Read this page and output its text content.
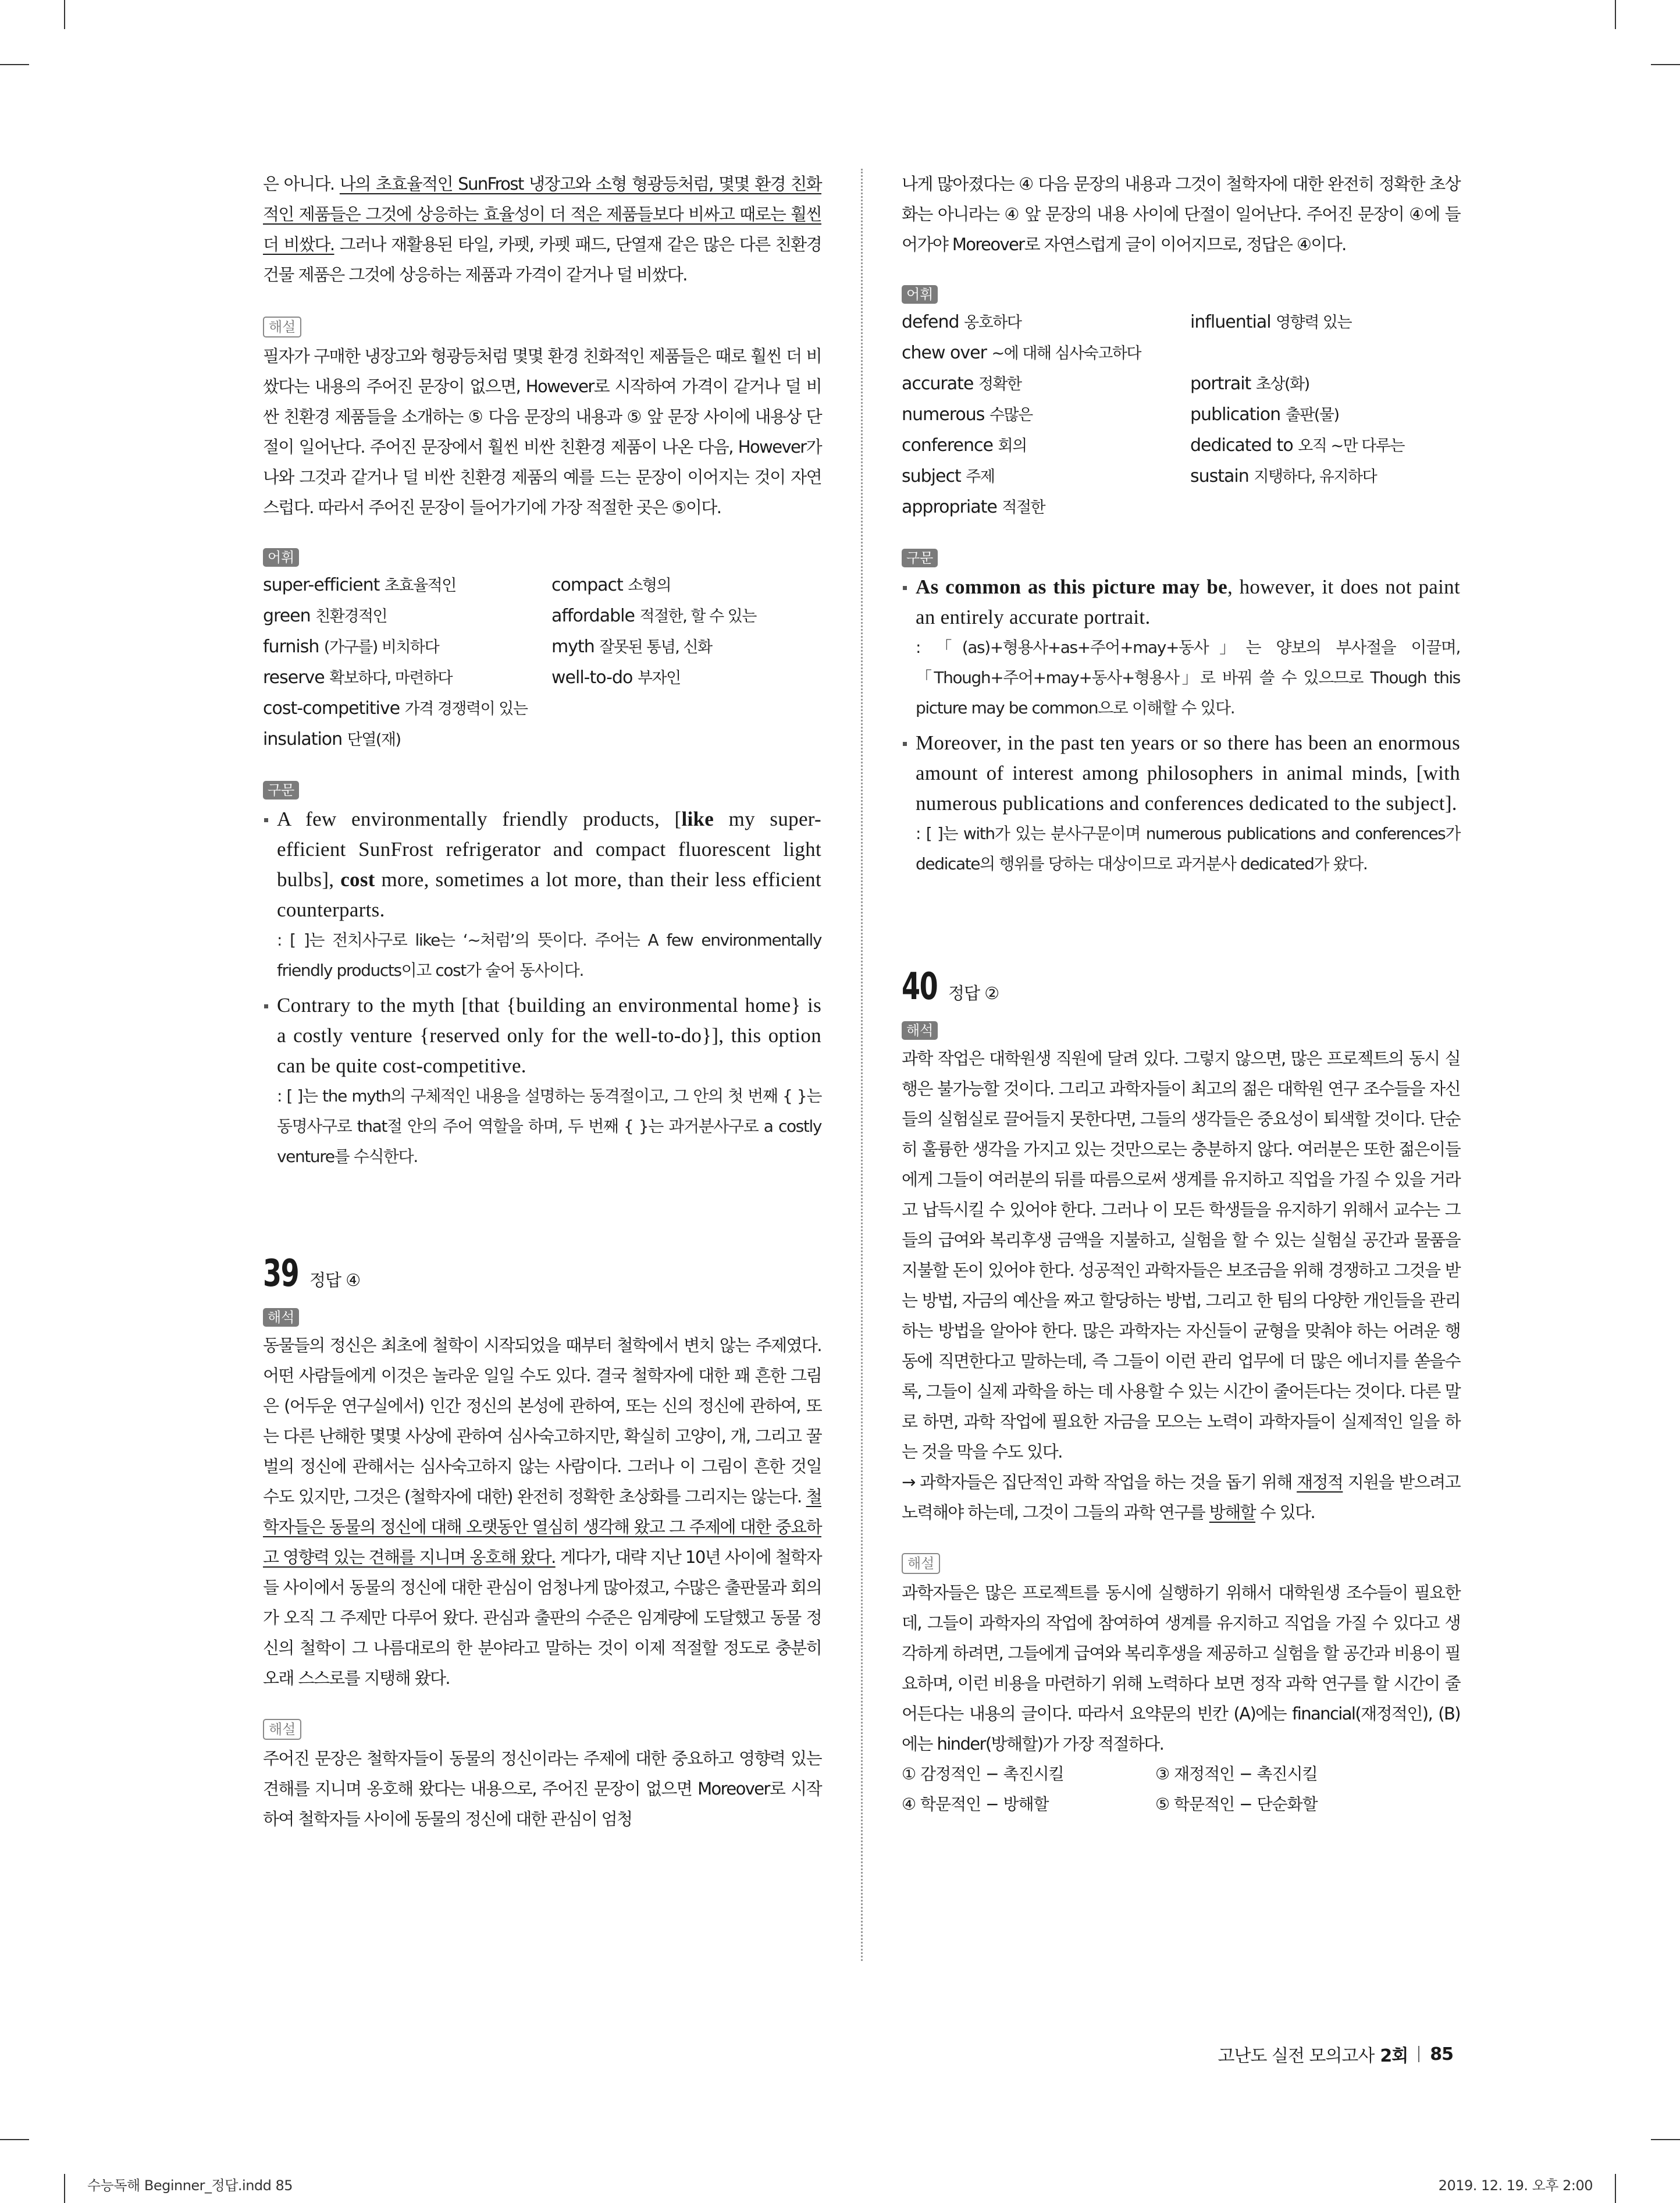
은 아니다. 나의 초효율적인 SunFrost 냉장고와 소형 형광등처럼, 몇몇 환경 친화적인 제품들은 그것에 상응하는 효율성이 더 적은 제품들보다 비싸고 때로는 훨씬 더 비쌌다. 그러나 재활용된 타일, 카펫, 카펫 패드, 단열재 같은 많은 다른 친환경 건물 제품은 그것에 상응하는 제품과 가격이 같거나 덜 비쌌다.

해설

필자가 구매한 냉장고와 형광등처럼 몇몇 환경 친화적인 제품들은 때로 훨씬 더 비쌌다는 내용의 주어진 문장이 없으면, However로 시작하여 가격이 같거나 덜 비싼 친환경 제품들을 소개하는 ⑤ 다음 문장의 내용과 ⑤ 앞 문장 사이에 내용상 단절이 일어난다. 주어진 문장에서 훨씬 비싼 친환경 제품이 나온 다음, However가 나와 그것과 같거나 덜 비싼 친환경 제품의 예를 드는 문장이 이어지는 것이 자연스럽다. 따라서 주어진 문장이 들어가기에 가장 적절한 곳은 ⑤이다.

어휘
super-efficient 초효율적인	compact 소형의
green 친환경적인	affordable 적절한, 할 수 있는
furnish (가구를) 비치하다	myth 잘못된 통념, 신화
reserve 확보하다, 마련하다	well-to-do 부자인
cost-competitive 가격 경쟁력이 있는
insulation 단열(재)
구문

A few environmentally friendly products, [like my super-efficient SunFrost refrigerator and compact fluorescent light bulbs], cost more, sometimes a lot more, than their less efficient counterparts.

: [ ]는 전치사구로 like는 ‘~처럼’의 뜻이다. 주어는 A few environmentally friendly products이고 cost가 술어 동사이다.

Contrary to the myth [that {building an environmental home} is a costly venture {reserved only for the well-to-do}], this option can be quite cost-competitive.

: [ ]는 the myth의 구체적인 내용을 설명하는 동격절이고, 그 안의 첫 번째 { }는 동명사구로 that절 안의 주어 역할을 하며, 두 번째 { }는 과거분사구로 a costly venture를 수식한다.

39 정답 ④
해석

동물들의 정신은 최초에 철학이 시작되었을 때부터 철학에서 변치 않는 주제였다. 어떤 사람들에게 이것은 놀라운 일일 수도 있다. 결국 철학자에 대한 꽤 흔한 그림은 (어두운 연구실에서) 인간 정신의 본성에 관하여, 또는 신의 정신에 관하여, 또는 다른 난해한 몇몇 사상에 관하여 심사숙고하지만, 확실히 고양이, 개, 그리고 꿀벌의 정신에 관해서는 심사숙고하지 않는 사람이다. 그러나 이 그림이 흔한 것일 수도 있지만, 그것은 (철학자에 대한) 완전히 정확한 초상화를 그리지는 않는다. 철학자들은 동물의 정신에 대해 오랫동안 열심히 생각해 왔고 그 주제에 대한 중요하고 영향력 있는 견해를 지니며 옹호해 왔다. 게다가, 대략 지난 10년 사이에 철학자들 사이에서 동물의 정신에 대한 관심이 엄청나게 많아졌고, 수많은 출판물과 회의가 오직 그 주제만 다루어 왔다. 관심과 출판의 수준은 임계량에 도달했고 동물 정신의 철학이 그 나름대로의 한 분야라고 말하는 것이 이제 적절할 정도로 충분히 오래 스스로를 지탱해 왔다.

해설

주어진 문장은 철학자들이 동물의 정신이라는 주제에 대한 중요하고 영향력 있는 견해를 지니며 옹호해 왔다는 내용으로, 주어진 문장이 없으면 Moreover로 시작하여 철학자들 사이에 동물의 정신에 대한 관심이 엄청

나게 많아졌다는 ④ 다음 문장의 내용과 그것이 철학자에 대한 완전히 정확한 초상화는 아니라는 ④ 앞 문장의 내용 사이에 단절이 일어난다. 주어진 문장이 ④에 들어가야 Moreover로 자연스럽게 글이 이어지므로, 정답은 ④이다.

어휘
defend 옹호하다	influential 영향력 있는
chew over ~에 대해 심사숙고하다
accurate 정확한	portrait 초상(화)
numerous 수많은	publication 출판(물)
conference 회의	dedicated to 오직 ~만 다루는
subject 주제	sustain 지탱하다, 유지하다
appropriate 적절한
구문

As common as this picture may be, however, it does not paint an entirely accurate portrait.

: 「(as)+형용사+as+주어+may+동사」는 양보의 부사절을 이끌며, 「Though+주어+may+동사+형용사」로 바꿔 쓸 수 있으므로 Though this picture may be common으로 이해할 수 있다.

Moreover, in the past ten years or so there has been an enormous amount of interest among philosophers in animal minds, [with numerous publications and conferences dedicated to the subject].

: [ ]는 with가 있는 분사구문이며 numerous publications and conferences가 dedicate의 행위를 당하는 대상이므로 과거분사 dedicated가 왔다.

40 정답 ②
해석

과학 작업은 대학원생 직원에 달려 있다. 그렇지 않으면, 많은 프로젝트의 동시 실행은 불가능할 것이다. 그리고 과학자들이 최고의 젊은 대학원 연구 조수들을 자신들의 실험실로 끌어들지 못한다면, 그들의 생각들은 중요성이 퇴색할 것이다. 단순히 훌륭한 생각을 가지고 있는 것만으로는 충분하지 않다. 여러분은 또한 젊은이들에게 그들이 여러분의 뒤를 따름으로써 생계를 유지하고 직업을 가질 수 있을 거라고 납득시킬 수 있어야 한다. 그러나 이 모든 학생들을 유지하기 위해서 교수는 그들의 급여와 복리후생 금액을 지불하고, 실험을 할 수 있는 실험실 공간과 물품을 지불할 돈이 있어야 한다. 성공적인 과학자들은 보조금을 위해 경쟁하고 그것을 받는 방법, 자금의 예산을 짜고 할당하는 방법, 그리고 한 팀의 다양한 개인들을 관리하는 방법을 알아야 한다. 많은 과학자는 자신들이 균형을 맞춰야 하는 어려운 행동에 직면한다고 말하는데, 즉 그들이 이런 관리 업무에 더 많은 에너지를 쏟을수록, 그들이 실제 과학을 하는 데 사용할 수 있는 시간이 줄어든다는 것이다. 다른 말로 하면, 과학 작업에 필요한 자금을 모으는 노력이 과학자들이 실제적인 일을 하는 것을 막을 수도 있다.

→ 과학자들은 집단적인 과학 작업을 하는 것을 돕기 위해 재정적 지원을 받으려고 노력해야 하는데, 그것이 그들의 과학 연구를 방해할 수 있다.

해설

과학자들은 많은 프로젝트를 동시에 실행하기 위해서 대학원생 조수들이 필요한데, 그들이 과학자의 작업에 참여하여 생계를 유지하고 직업을 가질 수 있다고 생각하게 하려면, 그들에게 급여와 복리후생을 제공하고 실험을 할 공간과 비용이 필요하며, 이런 비용을 마련하기 위해 노력하다 보면 정작 과학 연구를 할 시간이 줄어든다는 내용의 글이다. 따라서 요약문의 빈칸 (A)에는 financial(재정적인), (B)에는 hinder(방해할)가 가장 적절하다.

① 감정적인 − 촉진시킬	③ 재정적인 − 촉진시킬
④ 학문적인 − 방해할	⑤ 학문적인 − 단순화할
고난도 실전 모의고사 2회 85
수능독해 Beginner_정답.indd 85	2019. 12. 19. 오후 2:00
